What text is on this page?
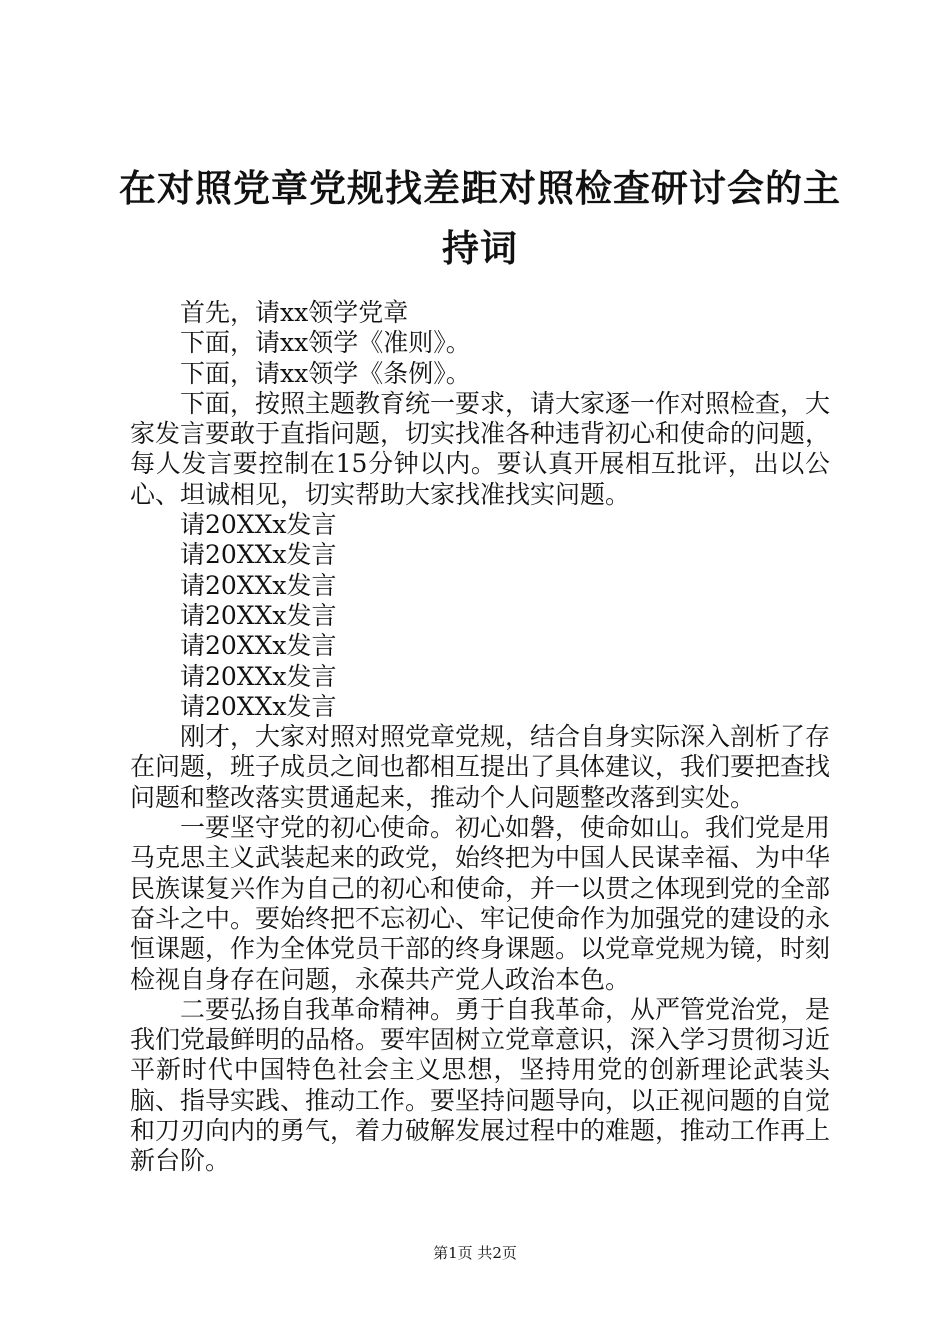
在对照党章党规找差距对照检查研讨会的主持词

首先，请xx领学党章

下面，请xx领学《准则》。

下面，请xx领学《条例》。

下面，按照主题教育统一要求，请大家逐一作对照检查，大家发言要敢于直指问题，切实找准各种违背初心和使命的问题，每人发言要控制在15分钟以内。要认真开展相互批评，出以公心、坦诚相见，切实帮助大家找准找实问题。

请20XXx发言

请20XXx发言

请20XXx发言

请20XXx发言

请20XXx发言

请20XXx发言

请20XXx发言

刚才，大家对照对照党章党规，结合自身实际深入剖析了存在问题，班子成员之间也都相互提出了具体建议，我们要把查找问题和整改落实贯通起来，推动个人问题整改落到实处。

一要坚守党的初心使命。初心如磐，使命如山。我们党是用马克思主义武装起来的政党，始终把为中国人民谋幸福、为中华民族谋复兴作为自己的初心和使命，并一以贯之体现到党的全部奋斗之中。要始终把不忘初心、牢记使命作为加强党的建设的永恒课题，作为全体党员干部的终身课题。以党章党规为镜，时刻检视自身存在问题，永葆共产党人政治本色。

二要弘扬自我革命精神。勇于自我革命，从严管党治党，是我们党最鲜明的品格。要牢固树立党章意识，深入学习贯彻习近平新时代中国特色社会主义思想，坚持用党的创新理论武装头脑、指导实践、推动工作。要坚持问题导向，以正视问题的自觉和刀刃向内的勇气，着力破解发展过程中的难题，推动工作再上新台阶。

第1页 共2页
